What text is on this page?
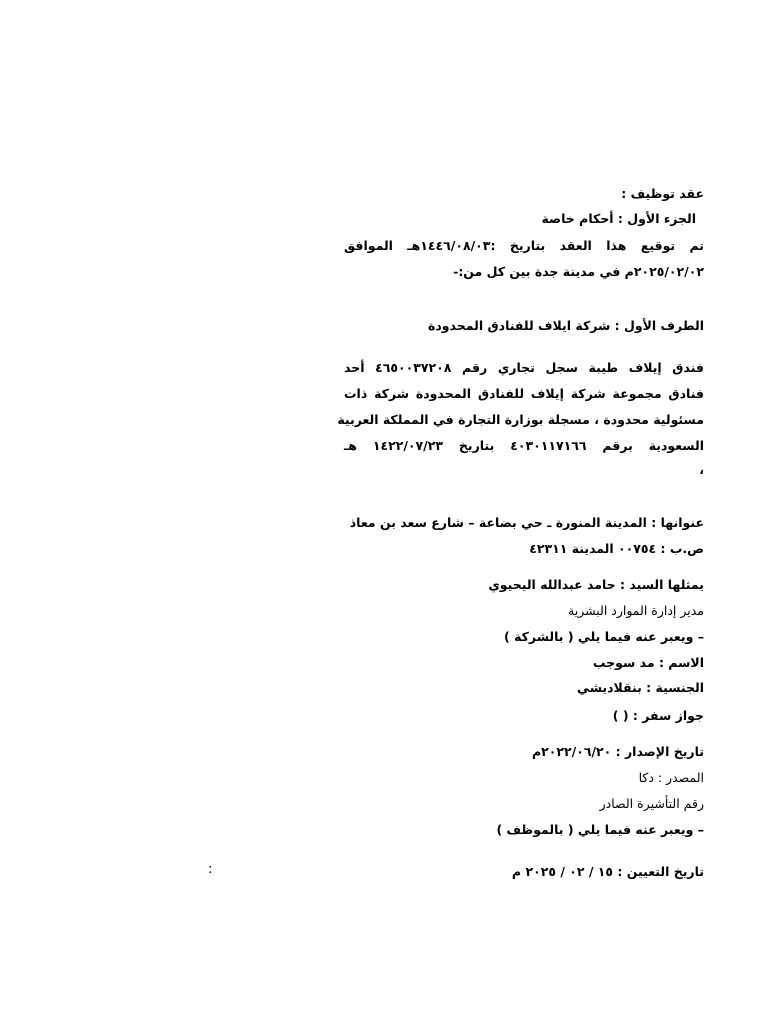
عقد توظيف :
الجزء الأول : أحكام خاصة
تم توقيع هذا العقد بتاريخ :١٤٤٦/٠٨/٠٣هـ الموافق
٢٠٢٥/٠٢/٠٢م في مدينة جدة بين كل من:-
الطرف الأول : شركة ايلاف للفنادق المحدودة
فندق إيلاف طيبة سجل تجاري رقم ٤٦٥٠٠٣٧٢٠٨ أحد
فنادق مجموعة شركة إيلاف للفنادق المحدودة شركة ذات
مسئولية محدودة ، مسجلة بوزارة التجارة في المملكة العربية
السعودية برقم ٤٠٣٠١١٧١٦٦ بتاريخ ١٤٢٢/٠٧/٢٣ هـ
،
عنوانها : المدينة المنورة ـ حي بضاعة – شارع سعد بن معاذ
ص.ب : ٠٠٧٥٤ المدينة ٤٢٣١١
يمثلها السيد : حامد عبدالله اليحيوي
مدير إدارة الموارد البشرية
– ويعبر عنه فيما يلي ( بالشركة )
الاسم : مد سوجب
الجنسية : بنقلاديشي
جواز سفر : ( )
تاريخ الإصدار : ٢٠٢٢/٠٦/٢٠م
المصدر : دكا
رقم التأشيرة الصادر
– ويعبر عنه فيما يلي ( بالموظف )
تاريخ التعيين : ١٥ / ٠٢ / ٢٠٢٥ م
:
